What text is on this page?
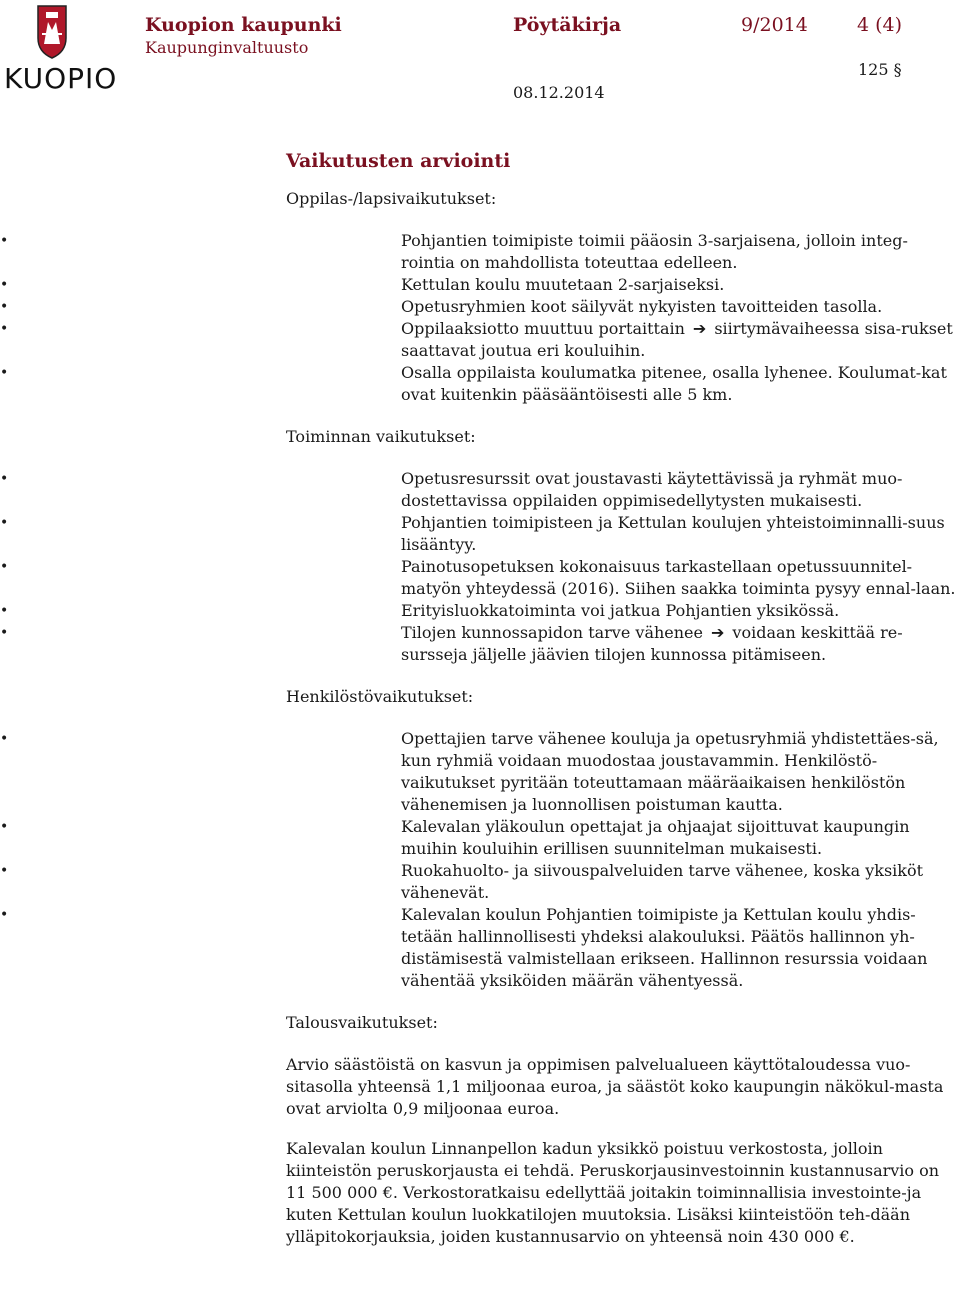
KUOPIO
Kuopion kaupunki
Kaupunginvaltuusto
Pöytäkirja	9/2014	4 (4)
125 §
08.12.2014
Vaikutusten arviointi

Oppilas-/lapsivaikutukset:

• Pohjantien toimipiste toimii pääosin 3-sarjaisena, jolloin integ-rointia on mahdollista toteuttaa edelleen.
• Kettulan koulu muutetaan 2-sarjaiseksi.
• Opetusryhmien koot säilyvät nykyisten tavoitteiden tasolla.
• Oppilaaksiotto muuttuu portaittain ➔ siirtymävaiheessa sisa-rukset saattavat joutua eri kouluihin.
• Osalla oppilaista koulumatka pitenee, osalla lyhenee. Koulumat-kat ovat kuitenkin pääsääntöisesti alle 5 km.

Toiminnan vaikutukset:

• Opetusresurssit ovat joustavasti käytettävissä ja ryhmät muo-dostettavissa oppilaiden oppimisedellytysten mukaisesti.
• Pohjantien toimipisteen ja Kettulan koulujen yhteistoiminnalli-suus lisääntyy.
• Painotusopetuksen kokonaisuus tarkastellaan opetussuunnitel-matyön yhteydessä (2016). Siihen saakka toiminta pysyy ennal-laan.
• Erityisluokkatoiminta voi jatkua Pohjantien yksikössä.
• Tilojen kunnossapidon tarve vähenee ➔ voidaan keskittää re-sursseja jäljelle jäävien tilojen kunnossa pitämiseen.

Henkilöstövaikutukset:

• Opettajien tarve vähenee kouluja ja opetusryhmiä yhdistettäes-sä, kun ryhmiä voidaan muodostaa joustavammin. Henkilöstö-vaikutukset pyritään toteuttamaan määräaikaisen henkilöstön vähenemisen ja luonnollisen poistuman kautta.
• Kalevalan yläkoulun opettajat ja ohjaajat sijoittuvat kaupungin muihin kouluihin erillisen suunnitelman mukaisesti.
• Ruokahuolto- ja siivouspalveluiden tarve vähenee, koska yksiköt vähenevät.
• Kalevalan koulun Pohjantien toimipiste ja Kettulan koulu yhdis-tetään hallinnollisesti yhdeksi alakouluksi. Päätös hallinnon yh-distämisestä valmistellaan erikseen. Hallinnon resurssia voidaan vähentää yksiköiden määrän vähentyessä.

Talousvaikutukset:

Arvio säästöistä on kasvun ja oppimisen palvelualueen käyttötaloudessa vuo-sitasolla yhteensä 1,1 miljoonaa euroa, ja säästöt koko kaupungin näkökul-masta ovat arviolta 0,9 miljoonaa euroa.

Kalevalan koulun Linnanpellon kadun yksikkö poistuu verkostosta, jolloin kiinteistön peruskorjausta ei tehdä. Peruskorjausinvestoinnin kustannusarvio on 11 500 000 €. Verkostoratkaisu edellyttää joitakin toiminnallisia investointe-ja kuten Kettulan koulun luokkatilojen muutoksia. Lisäksi kiinteistöön teh-dään ylläpitokorjauksia, joiden kustannusarvio on yhteensä noin 430 000 €.
